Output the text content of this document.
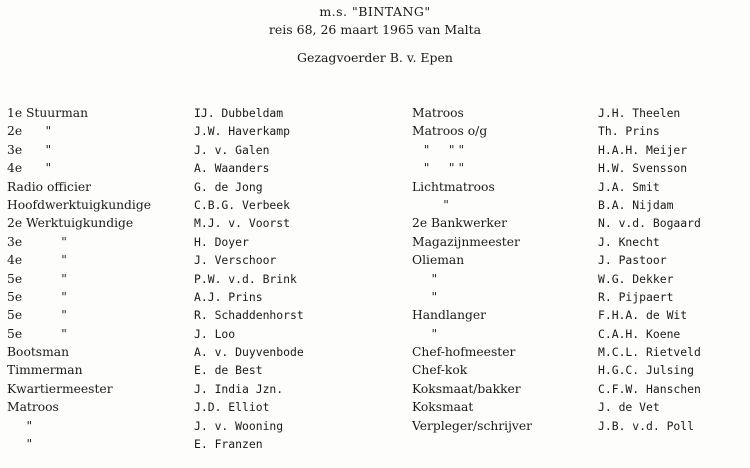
m.s. "BINTANG"
reis 68, 26 maart 1965 van Malta
Gezagvoerder B. v. Epen
1e Stuurman
2e      "
3e      "
4e      "
Radio officier
Hoofdwerktuigkundige
2e Werktuigkundige
3e          "
4e          "
5e          "
5e          "
5e          "
5e          "
Bootsman
Timmerman
Kwartiermeester
Matroos
"
"
IJ. Dubbeldam
J.W. Haverkamp
J. v. Galen
A. Waanders
G. de Jong
C.B.G. Verbeek
M.J. v. Voorst
H. Doyer
J. Verschoor
P.W. v.d. Brink
A.J. Prins
R. Schaddenhorst
J. Loo
A. v. Duyvenbode
E. de Best
J. India Jzn.
J.D. Elliot
J. v. Wooning
E. Franzen
Matroos
Matroos o/g
"     " "
"     " "
Lichtmatroos
"
2e Bankwerker
Magazijnmeester
Olieman
"
"
Handlanger
"
Chef-hofmeester
Chef-kok
Koksmaat/bakker
Koksmaat
Verpleger/schrijver
J.H. Theelen
Th. Prins
H.A.H. Meijer
H.W. Svensson
J.A. Smit
B.A. Nijdam
N. v.d. Bogaard
J. Knecht
J. Pastoor
W.G. Dekker
R. Pijpaert
F.H.A. de Wit
C.A.H. Koene
M.C.L. Rietveld
H.G.C. Julsing
C.F.W. Hanschen
J. de Vet
J.B. v.d. Poll
